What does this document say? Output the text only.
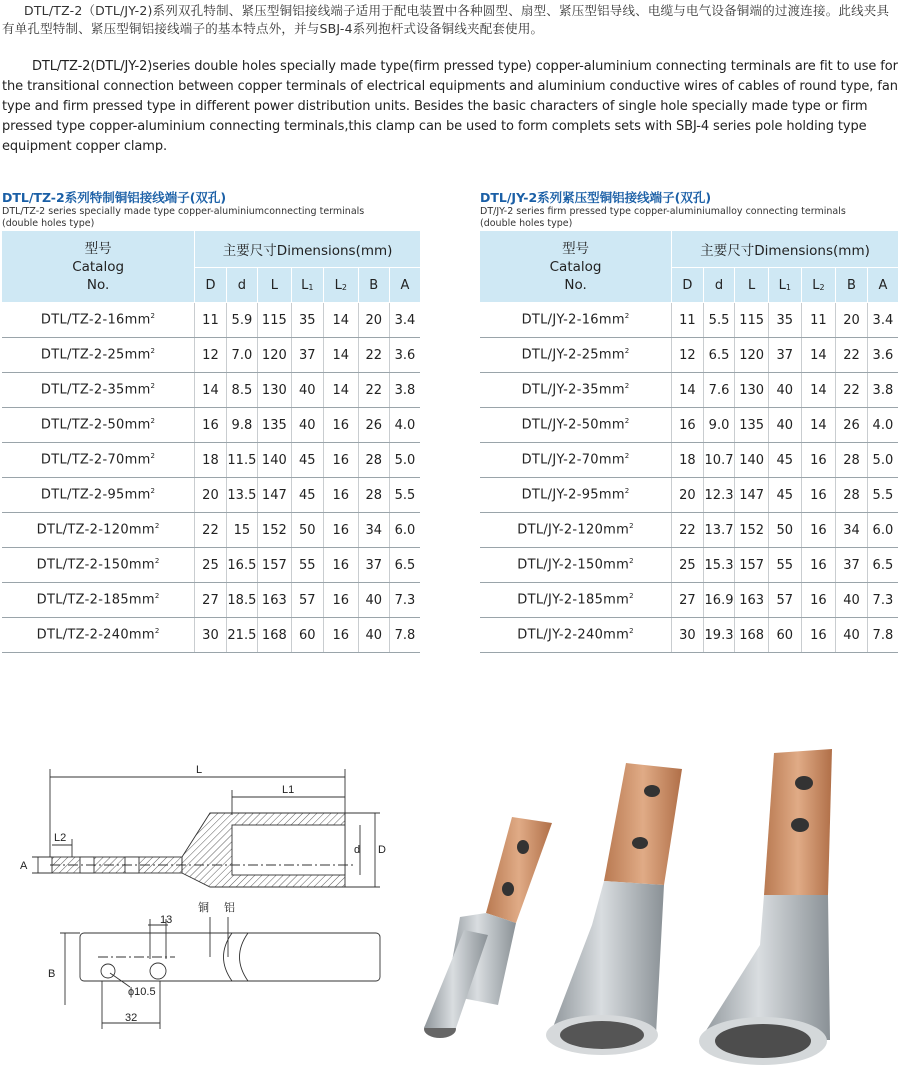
DTL/TZ-2（DTL/JY-2)系列双孔特制、紧压型铜铝接线端子适用于配电装置中各种圆型、扇型、紧压型铝导线、电缆与电气设备铜端的过渡连接。此线夹具有单孔型特制、紧压型铜铝接线端子的基本特点外，并与SBJ-4系列抱杆式设备铜线夹配套使用。

DTL/TZ-2(DTL/JY-2)series double holes specially made type(firm pressed type) copper-aluminium connecting terminals are fit to use for the transitional connection between copper terminals of electrical equipments and aluminium conductive wires of cables of round type, fan type and firm pressed type in different power distribution units. Besides the basic characters of single hole specially made type or firm pressed type copper-aluminium connecting terminals,this clamp can be used to form complets sets with SBJ-4 series pole holding type equipment copper clamp.

DTL/TZ-2系列特制铜铝接线端子(双孔)

DTL/TZ-2 series specially made type copper-aluminiumconnecting terminals

(double holes type)

型号
Catalog
No.	主要尺寸Dimensions(mm)						
	D	d	L	L1	L2	B	A
DTL/$TZ-2-16mm^2$	11	5.9	115	35	14	20	3.4
DTL/$TZ-2-25mm^2$	12	7.0	120	37	14	22	3.6
DTL/$TZ-2-35mm^2$	14	8.5	130	40	14	22	3.8
DTL/$TZ-2-50mm^2$	16	9.8	135	40	16	26	4.0
DTL/$TZ-2-70mm^2$	18	11.5	140	45	16	28	5.0
DTL/$TZ-2-95mm^2$	20	13.5	147	45	16	28	5.5
DTL/$TZ-2-120mm^2$	22	15	152	50	16	34	6.0
DTL/$TZ-2-150mm^2$	25	16.5	157	55	16	37	6.5
DTL/$TZ-2-185mm^2$	27	18.5	163	57	16	40	7.3
DTL/$TZ-2-240mm^2$	30	21.5	168	60	16	40	7.8

DTL/JY-2系列紧压型铜铝接线端子(双孔)

DT/JY-2 series firm pressed type copper-aluminiumalloy connecting terminals

(double holes type)

型号
Catalog
No.	主要尺寸Dimensions(mm)						
	D	d	L	L1	L2	B	A
DTL/$JY-2-16mm^2$	11	5.5	115	35	11	20	3.4
DTL/$JY-2-25mm^2$	12	6.5	120	37	14	22	3.6
DTL/$JY-2-35mm^2$	14	7.6	130	40	14	22	3.8
DTL/$JY-2-50mm^2$	16	9.0	135	40	14	26	4.0
DTL/$JY-2-70mm^2$	18	10.7	140	45	16	28	5.0
DTL/$JY-2-95mm^2$	20	12.3	147	45	16	28	5.5
DTL/$JY-2-120mm^2$	22	13.7	152	50	16	34	6.0
DTL/$JY-2-150mm^2$	25	15.3	157	55	16	37	6.5
DTL/$JY-2-185mm^2$	27	16.9	163	57	16	40	7.3
DTL/$JY-2-240mm^2$	30	19.3	168	60	16	40	7.8
L
L1
L2
d D
A
B
13
32
ϕ10.5
铜 铝
